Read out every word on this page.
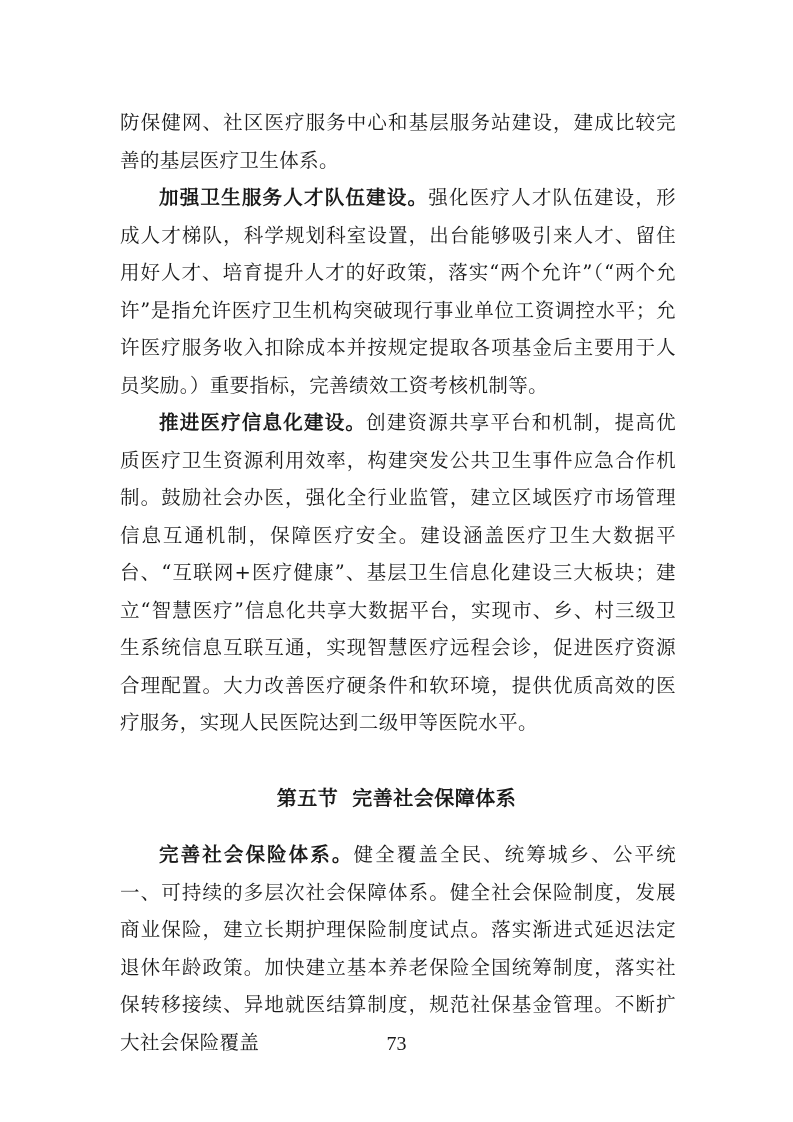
防保健网、社区医疗服务中心和基层服务站建设，建成比较完善的基层医疗卫生体系。

加强卫生服务人才队伍建设。强化医疗人才队伍建设，形成人才梯队，科学规划科室设置，出台能够吸引来人才、留住用好人才、培育提升人才的好政策，落实“两个允许”（“两个允许”是指允许医疗卫生机构突破现行事业单位工资调控水平；允许医疗服务收入扣除成本并按规定提取各项基金后主要用于人员奖励。）重要指标，完善绩效工资考核机制等。

推进医疗信息化建设。创建资源共享平台和机制，提高优质医疗卫生资源利用效率，构建突发公共卫生事件应急合作机制。鼓励社会办医，强化全行业监管，建立区域医疗市场管理信息互通机制，保障医疗安全。建设涵盖医疗卫生大数据平台、“互联网+医疗健康”、基层卫生信息化建设三大板块；建立“智慧医疗”信息化共享大数据平台，实现市、乡、村三级卫生系统信息互联互通，实现智慧医疗远程会诊，促进医疗资源合理配置。大力改善医疗硬条件和软环境，提供优质高效的医疗服务，实现人民医院达到二级甲等医院水平。

第五节 完善社会保障体系

完善社会保险体系。健全覆盖全民、统筹城乡、公平统一、可持续的多层次社会保障体系。健全社会保险制度，发展商业保险，建立长期护理保险制度试点。落实渐进式延迟法定退休年龄政策。加快建立基本养老保险全国统筹制度，落实社保转移接续、异地就医结算制度，规范社保基金管理。不断扩大社会保险覆盖	73
